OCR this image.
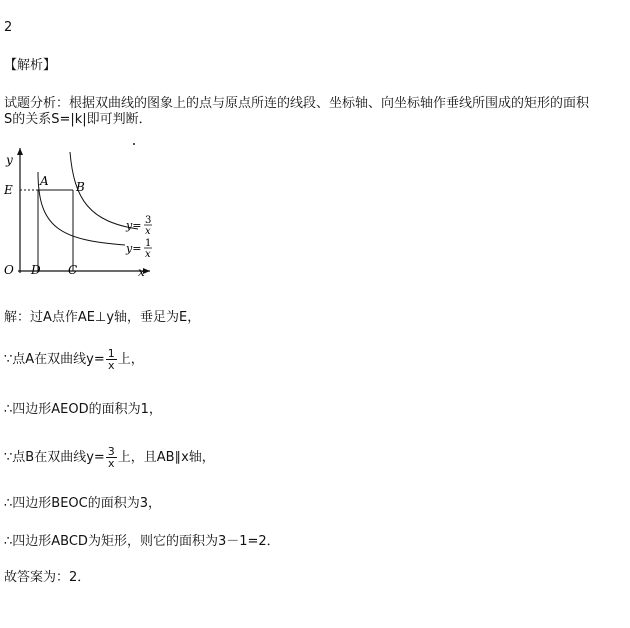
2
【解析】
试题分析：根据双曲线的图象上的点与原点所连的线段、坐标轴、向坐标轴作垂线所围成的矩形的面积
S的关系S=|k|即可判断．
y
x
O
E
A B
D C
y= 3
x
y= 1
x
解：过A点作AE⊥y轴，垂足为E，
∵点A在双曲线$y= \frac{1}{x}$ 上，
∴四边形AEOD的面积为1，
∵点B在双曲线$y= \frac{3}{x}$ 上，且AB∥x轴，
∴四边形BEOC的面积为3，
∴四边形ABCD为矩形，则它的面积为3－1=2．
故答案为：2．
